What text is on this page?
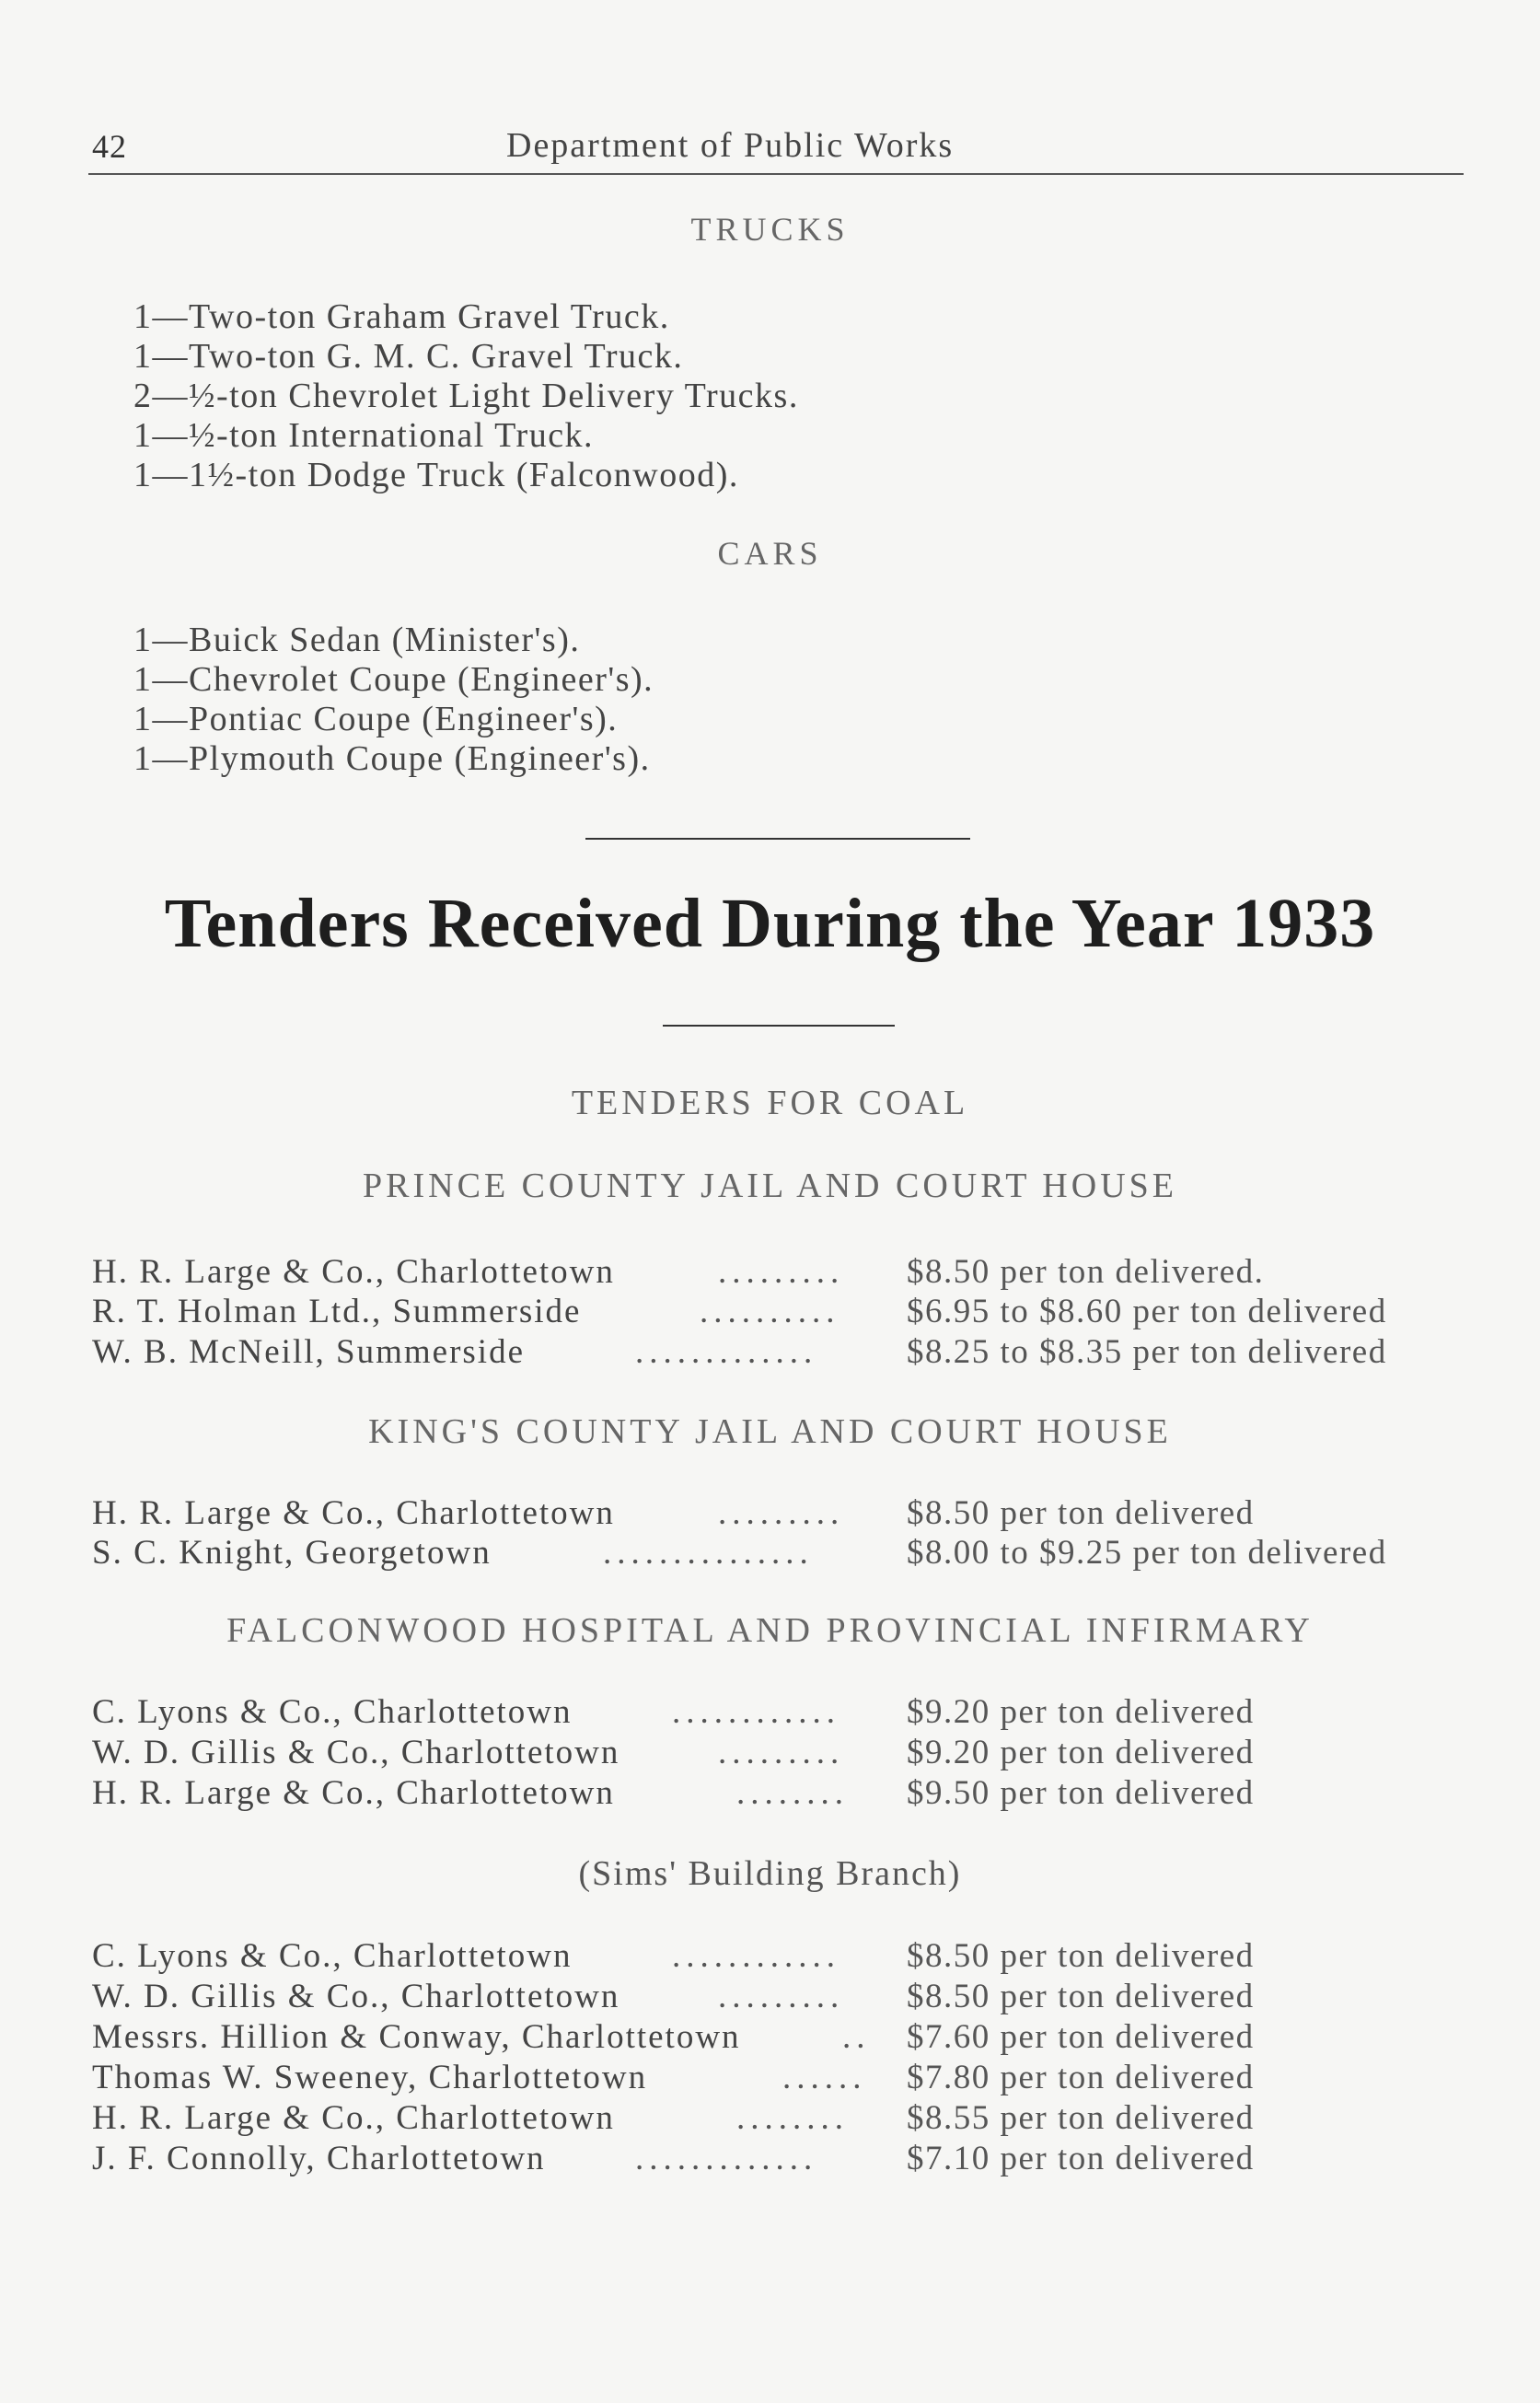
42	Department of Public Works
TRUCKS
1—Two-ton Graham Gravel Truck.
1—Two-ton G. M. C. Gravel Truck.
2—½-ton Chevrolet Light Delivery Trucks.
1—½-ton International Truck.
1—1½-ton Dodge Truck (Falconwood).
CARS
1—Buick Sedan (Minister's).
1—Chevrolet Coupe (Engineer's).
1—Pontiac Coupe (Engineer's).
1—Plymouth Coupe (Engineer's).
Tenders Received During the Year 1933
TENDERS FOR COAL
PRINCE COUNTY JAIL AND COURT HOUSE
H. R. Large & Co., Charlottetown	......... $8.50 per ton delivered.
R. T. Holman Ltd., Summerside	.......... $6.95 to $8.60 per ton delivered
W. B. McNeill, Summerside	.............	$8.25 to $8.35 per ton delivered
KING'S COUNTY JAIL AND COURT HOUSE
H. R. Large & Co., Charlottetown	......... $8.50 per ton delivered
S. C. Knight, Georgetown	...............	$8.00 to $9.25 per ton delivered
FALCONWOOD HOSPITAL AND PROVINCIAL INFIRMARY
C. Lyons & Co., Charlottetown	............ $9.20 per ton delivered
W. D. Gillis & Co., Charlottetown	......... $9.20 per ton delivered
H. R. Large & Co., Charlottetown	........ $9.50 per ton delivered
(Sims' Building Branch)
C. Lyons & Co., Charlottetown	............ $8.50 per ton delivered
W. D. Gillis & Co., Charlottetown	......... $8.50 per ton delivered
Messrs. Hillion & Conway, Charlottetown	.. $7.60 per ton delivered
Thomas W. Sweeney, Charlottetown	...... $7.80 per ton delivered
H. R. Large & Co., Charlottetown	........ $8.55 per ton delivered
J. F. Connolly, Charlottetown	.............	$7.10 per ton delivered
